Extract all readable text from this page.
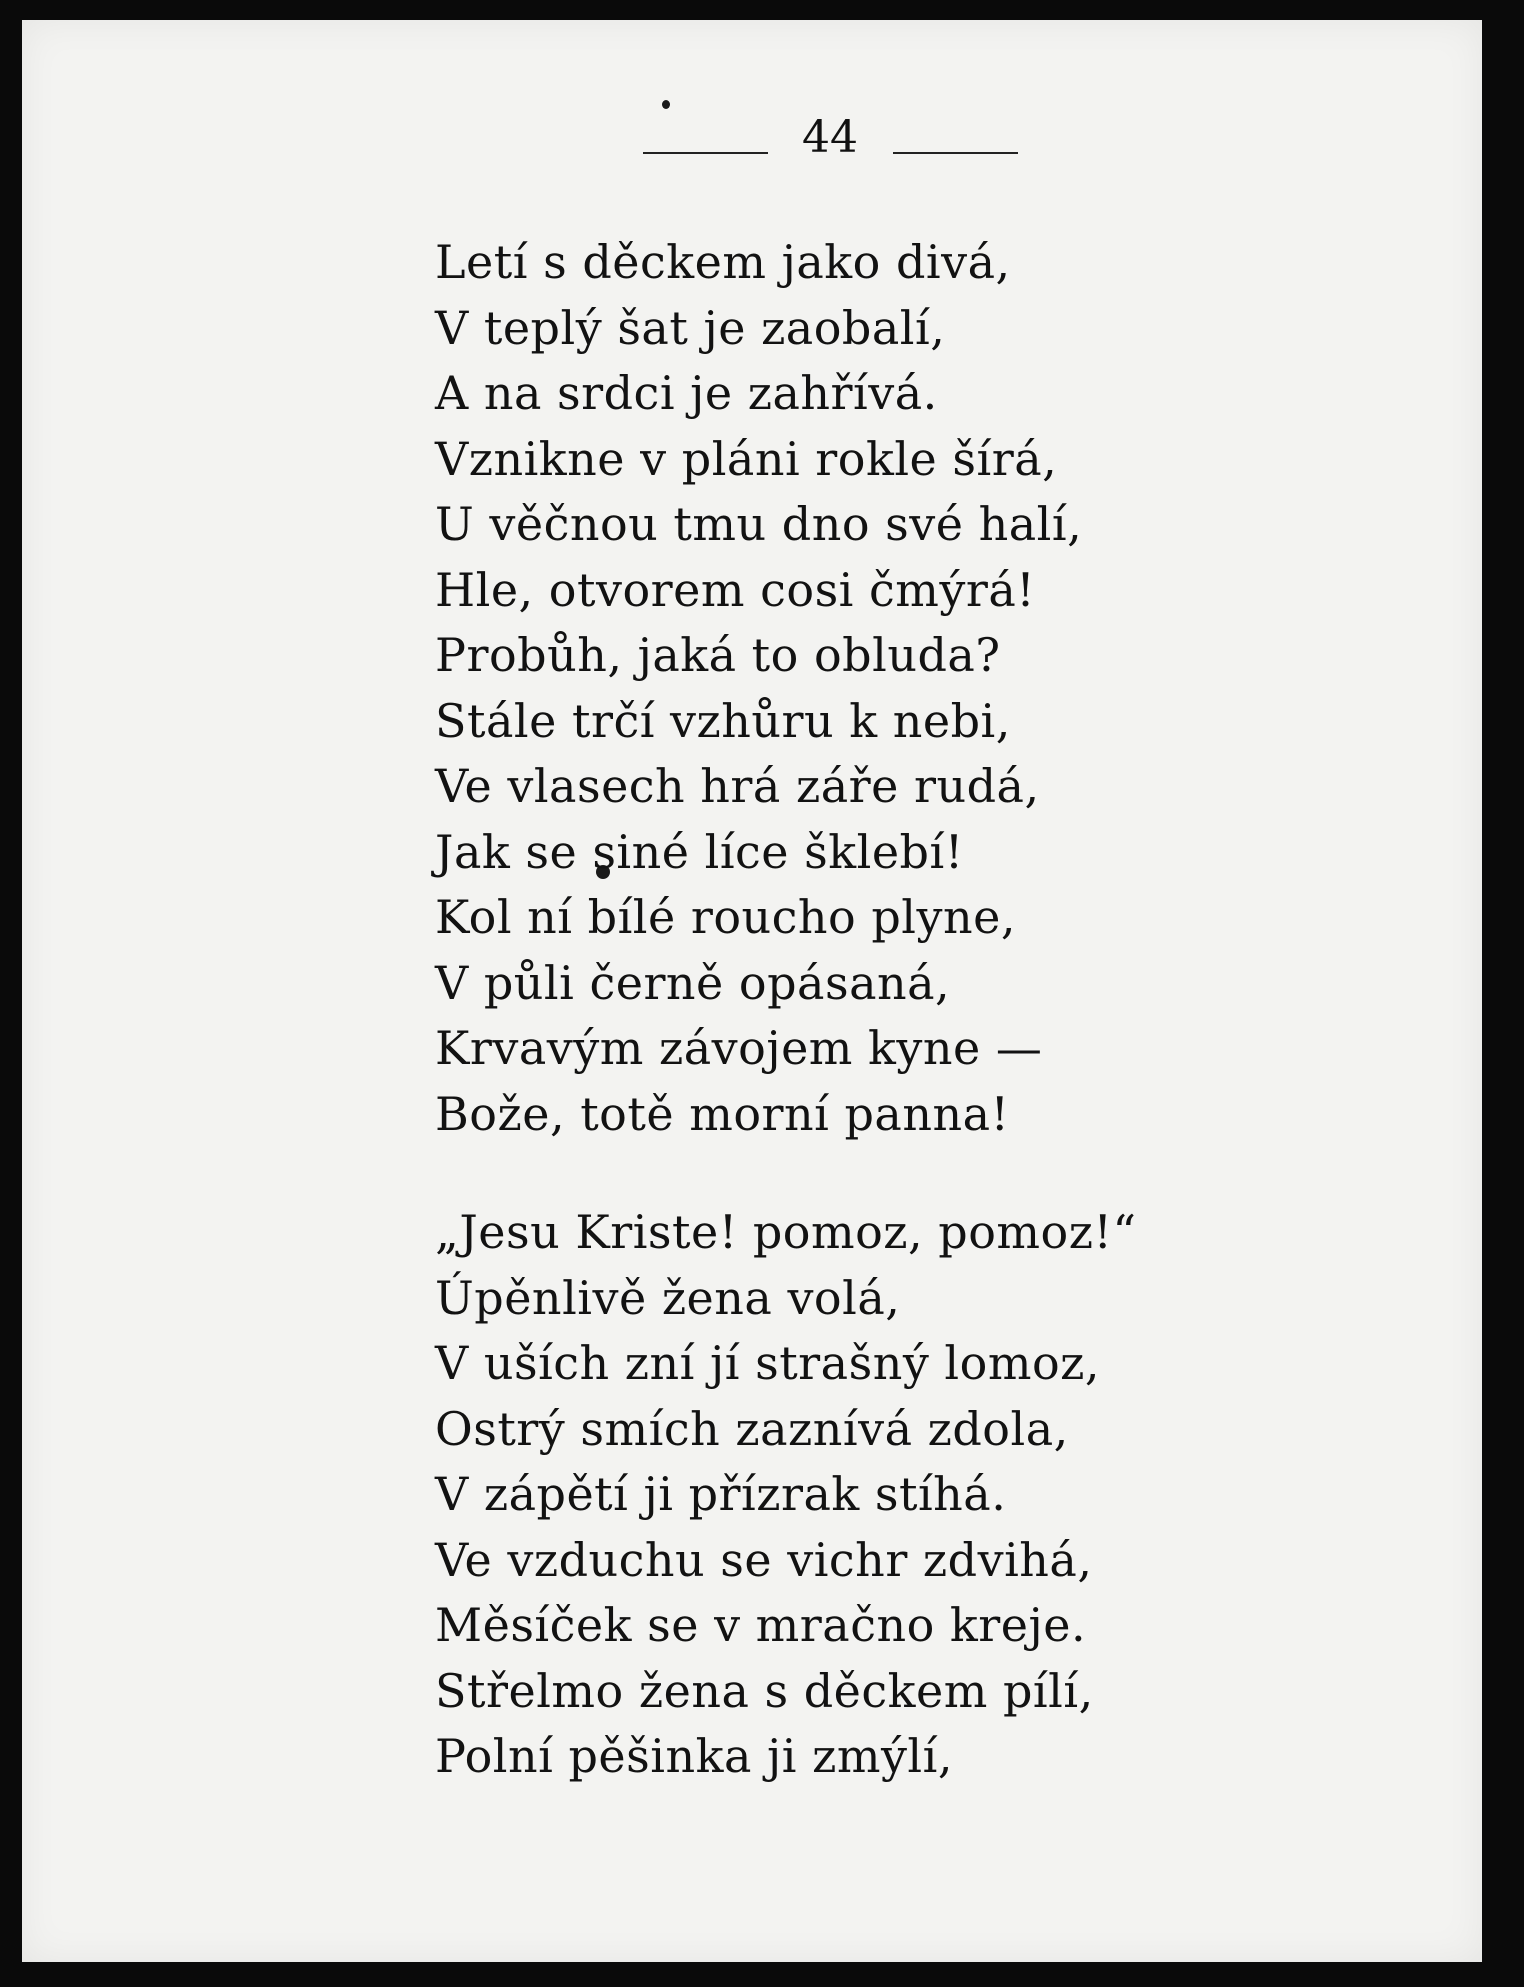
44
Letí s děckem jako divá,
V teplý šat je zaobalí,
A na srdci je zahřívá.
Vznikne v pláni rokle šírá,
U věčnou tmu dno své halí,
Hle, otvorem cosi čmýrá!
Probůh, jaká to obluda?
Stále trčí vzhůru k nebi,
Ve vlasech hrá záře rudá,
Jak se siné líce šklebí!
Kol ní bílé roucho plyne,
V půli černě opásaná,
Krvavým závojem kyne —
Bože, totě morní panna!
„Jesu Kriste! pomoz, pomoz!“
Úpěnlivě žena volá,
V uších zní jí strašný lomoz,
Ostrý smích zaznívá zdola,
V zápětí ji přízrak stíhá.
Ve vzduchu se vichr zdvihá,
Měsíček se v mračno kreje.
Střelmo žena s děckem pílí,
Polní pěšinka ji zmýlí,
